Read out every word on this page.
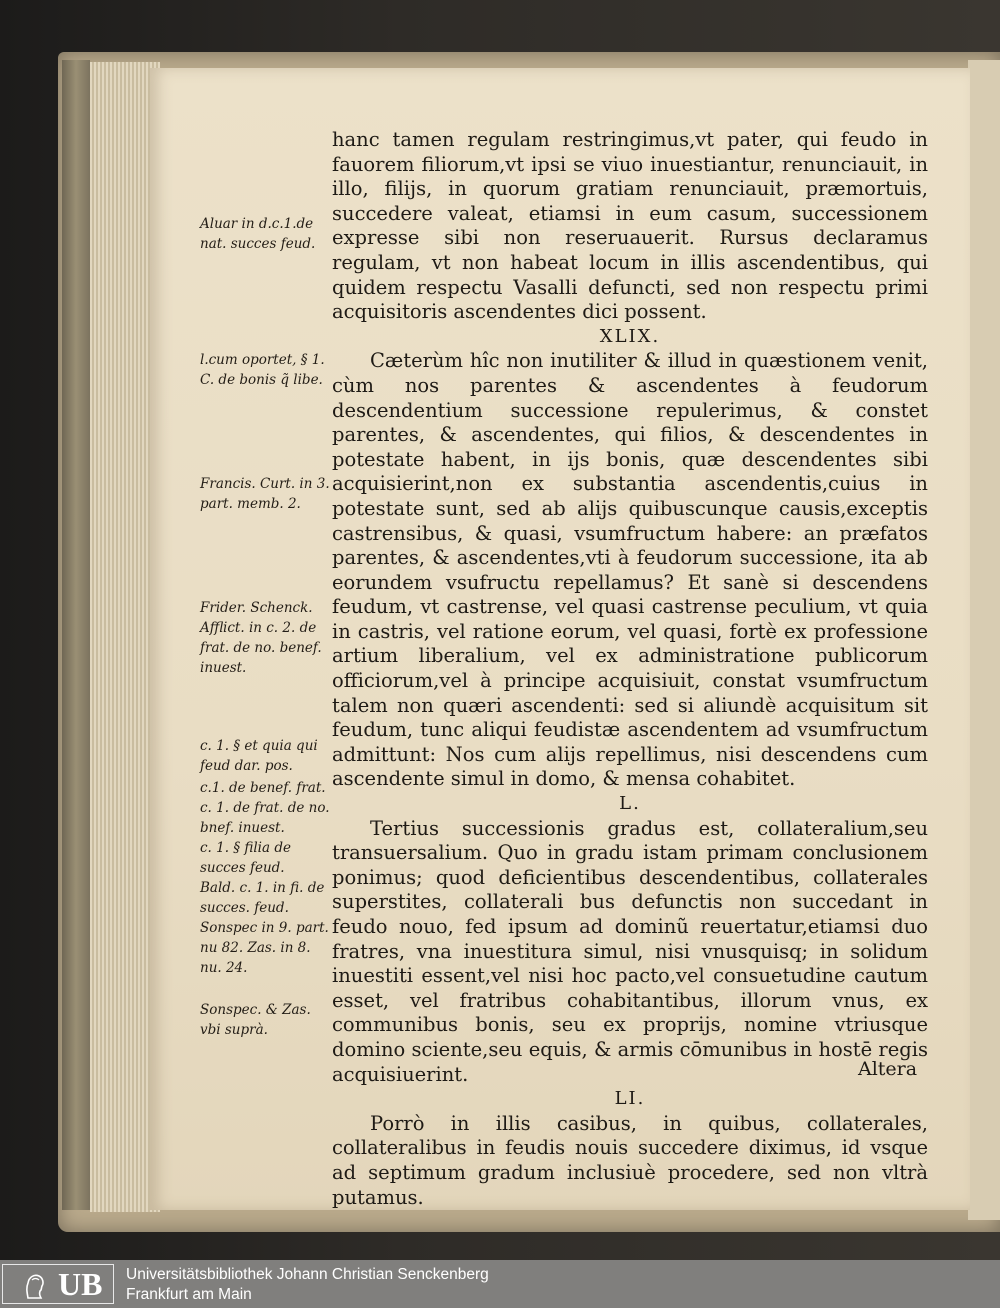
hanc tamen regulam restringimus,vt pater, qui feudo in fauorem filiorum,vt ipsi se viuo inuestiantur, renunciauit, in illo, filijs, in quorum gratiam renunciauit, præmortuis, succedere valeat, etiamsi in eum casum, successionem expresse sibi non reseruauerit. Rursus declaramus regulam, vt non habeat locum in illis ascendentibus, qui quidem respectu Vasalli defuncti, sed non respectu primi acquisitoris ascendentes dici possent.

XLIX.

Cæterùm hîc non inutiliter & illud in quæstionem venit, cùm nos parentes & ascendentes à feudorum descendentium successione repulerimus, & constet parentes, & ascendentes, qui filios, & descendentes in potestate habent, in ijs bonis, quæ descendentes sibi acquisierint,non ex substantia ascendentis,cuius in potestate sunt, sed ab alijs quibuscunque causis,exceptis castrensibus, & quasi, vsumfructum habere: an præfatos parentes, & ascendentes,vti à feudorum successione, ita ab eorundem vsufructu repellamus? Et sanè si descendens feudum, vt castrense, vel quasi castrense peculium, vt quia in castris, vel ratione eorum, vel quasi, fortè ex professione artium liberalium, vel ex administratione publicorum officiorum,vel à principe acquisiuit, constat vsumfructum talem non quæri ascendenti: sed si aliundè acquisitum sit feudum, tunc aliqui feudistæ ascendentem ad vsumfructum admittunt: Nos cum alijs repellimus, nisi descendens cum ascendente simul in domo, & mensa cohabitet.

L.

Tertius successionis gradus est, collateralium,seu transuersalium. Quo in gradu istam primam conclusionem ponimus; quod deficientibus descendentibus, collaterales superstites, collaterali bus defunctis non succedant in feudo nouo, fed ipsum ad dominũ reuertatur,etiamsi duo fratres, vna inuestitura simul, nisi vnusquisq; in solidum inuestiti essent,vel nisi hoc pacto,vel consuetudine cautum esset, vel fratribus cohabitantibus, illorum vnus, ex communibus bonis, seu ex proprijs, nomine vtriusque domino sciente,seu equis, & armis cōmunibus in hostē regis acquisiuerint.

LI.

Porrò in illis casibus, in quibus, collaterales, collateralibus in feudis nouis succedere diximus, id vsque ad septimum gradum inclusiuè procedere, sed non vltrà putamus.

Altera
Aluar in d.c.1.de nat. succes feud.
l.cum oportet, § 1. C. de bonis q̃ libe.
Francis. Curt. in 3. part. memb. 2.
Frider. Schenck. Afflict. in c. 2. de frat. de no. benef. inuest.
c. 1. § et quia qui feud dar. pos.
c.1. de benef. frat.
c. 1. de frat. de no. bnef. inuest.
c. 1. § filia de succes feud.
Bald. c. 1. in fi. de succes. feud.
Sonspec in 9. part. nu 82. Zas. in 8. nu. 24.
Sonspec. & Zas. vbi suprà.
UB Universitätsbibliothek Johann Christian Senckenberg
Frankfurt am Main
